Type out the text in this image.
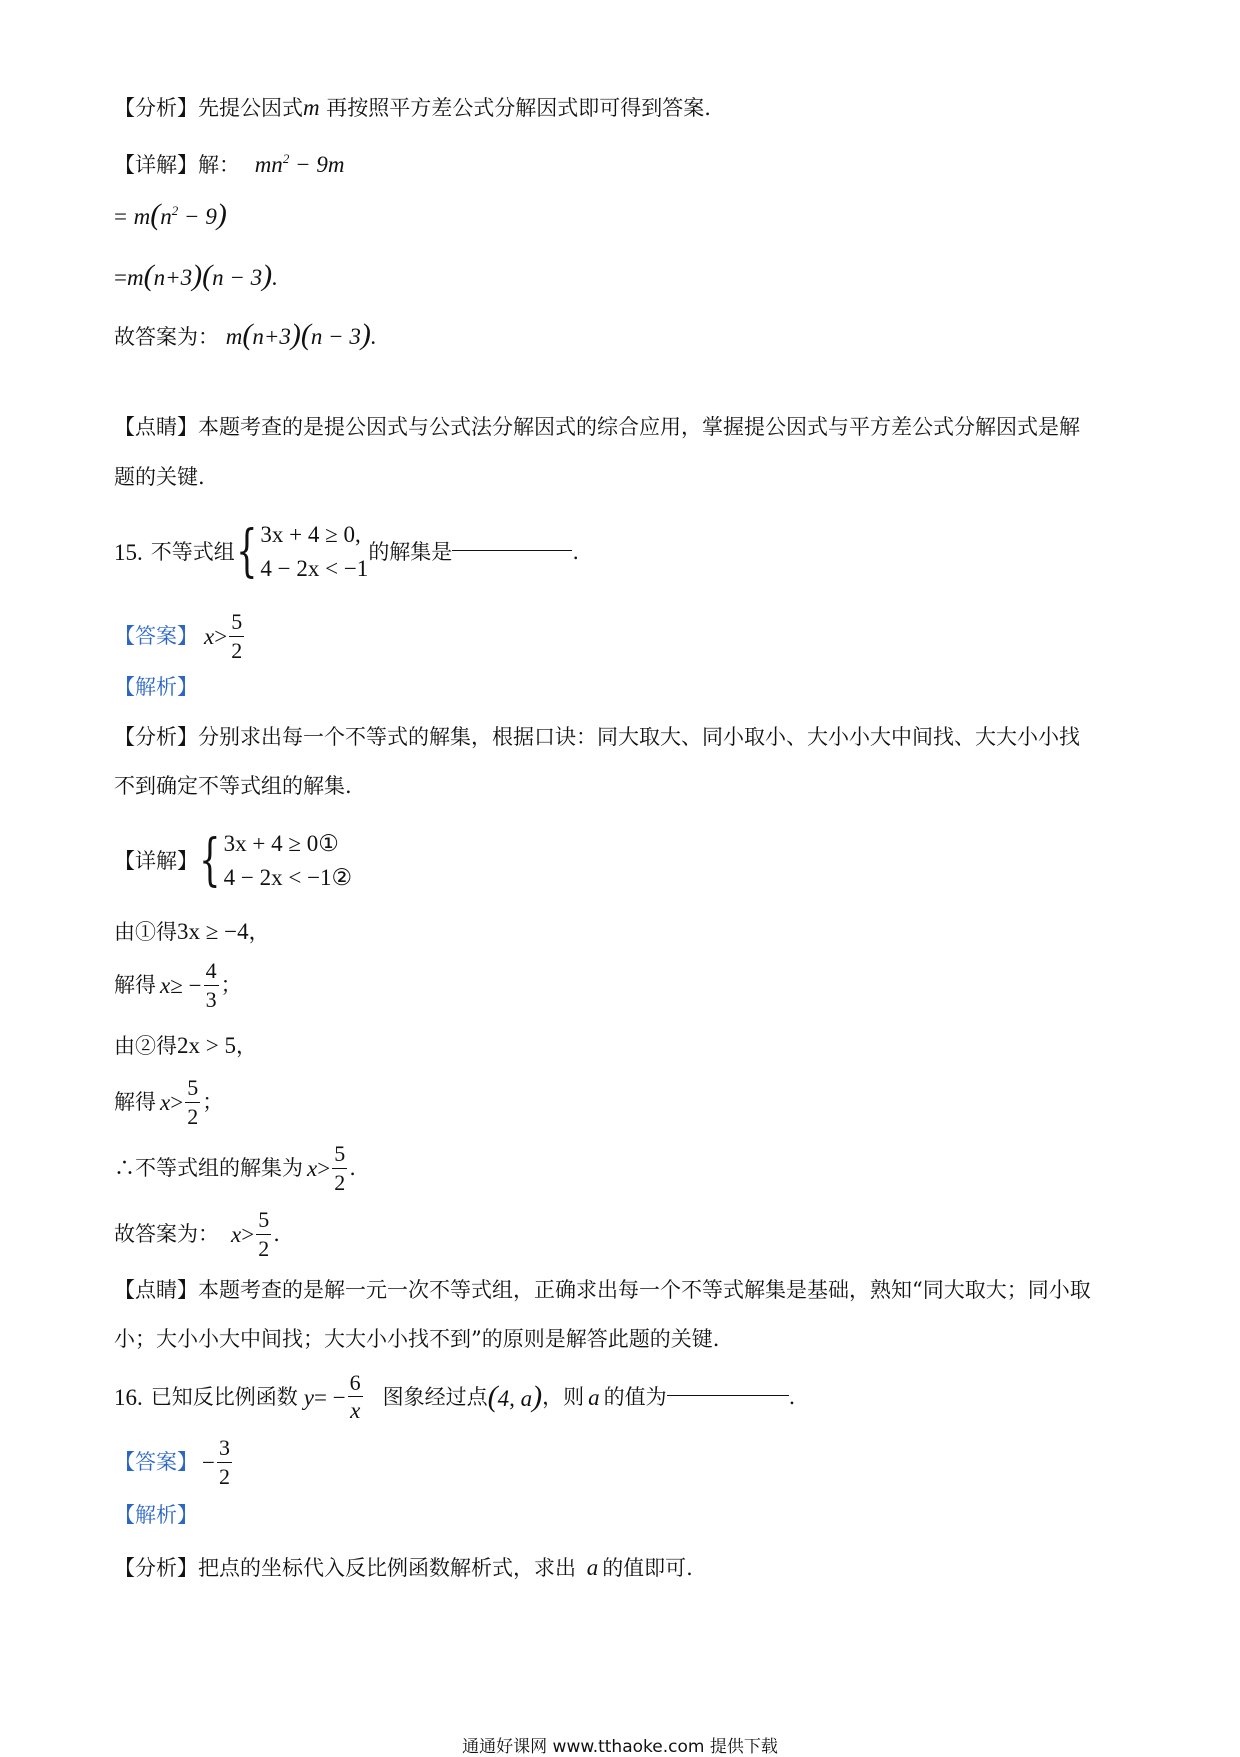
【分析】先提公因式m 再按照平方差公式分解因式即可得到答案.
【详解】解： $mn^2 - 9m$
= $m(n^2 - 9)$
=m(n+3)(n − 3).
故答案为： m(n+3)(n − 3).
【点睛】本题考查的是提公因式与公式法分解因式的综合应用，掌握提公因式与平方差公式分解因式是解
题的关键.
15. 不等式组 { 3x + 4 ≥ 0,
4 − 2x < −1
的解集是	.
【答案】 $x > \frac{5}{2}$
【解析】
【分析】分别求出每一个不等式的解集，根据口诀：同大取大、同小取小、大小小大中间找、大大小小找
不到确定不等式组的解集.
【详解】 { 3x + 4 ≥ 0①
4 − 2x < −1②
由①得3x ≥ −4，
解得 x ≥ − $\frac{4}{3}$ ；
由②得2x > 5，
解得 $x > \frac{5}{2}$ ；
∴不等式组的解集为 $x > \frac{5}{2}$ .
故答案为： $x > \frac{5}{2}$ .
【点睛】本题考查的是解一元一次不等式组，正确求出每一个不等式解集是基础，熟知“同大取大；同小取
小；大小小大中间找；大大小小找不到”的原则是解答此题的关键.
16. 已知反比例函数 y = − $\frac{6}{x}$ 图象经过点 (4, a) ，则 a 的值为	.
【答案】 − $\frac{3}{2}$
【解析】
【分析】把点的坐标代入反比例函数解析式，求出 a 的值即可.
通通好课网 www.tthaoke.com 提供下载
